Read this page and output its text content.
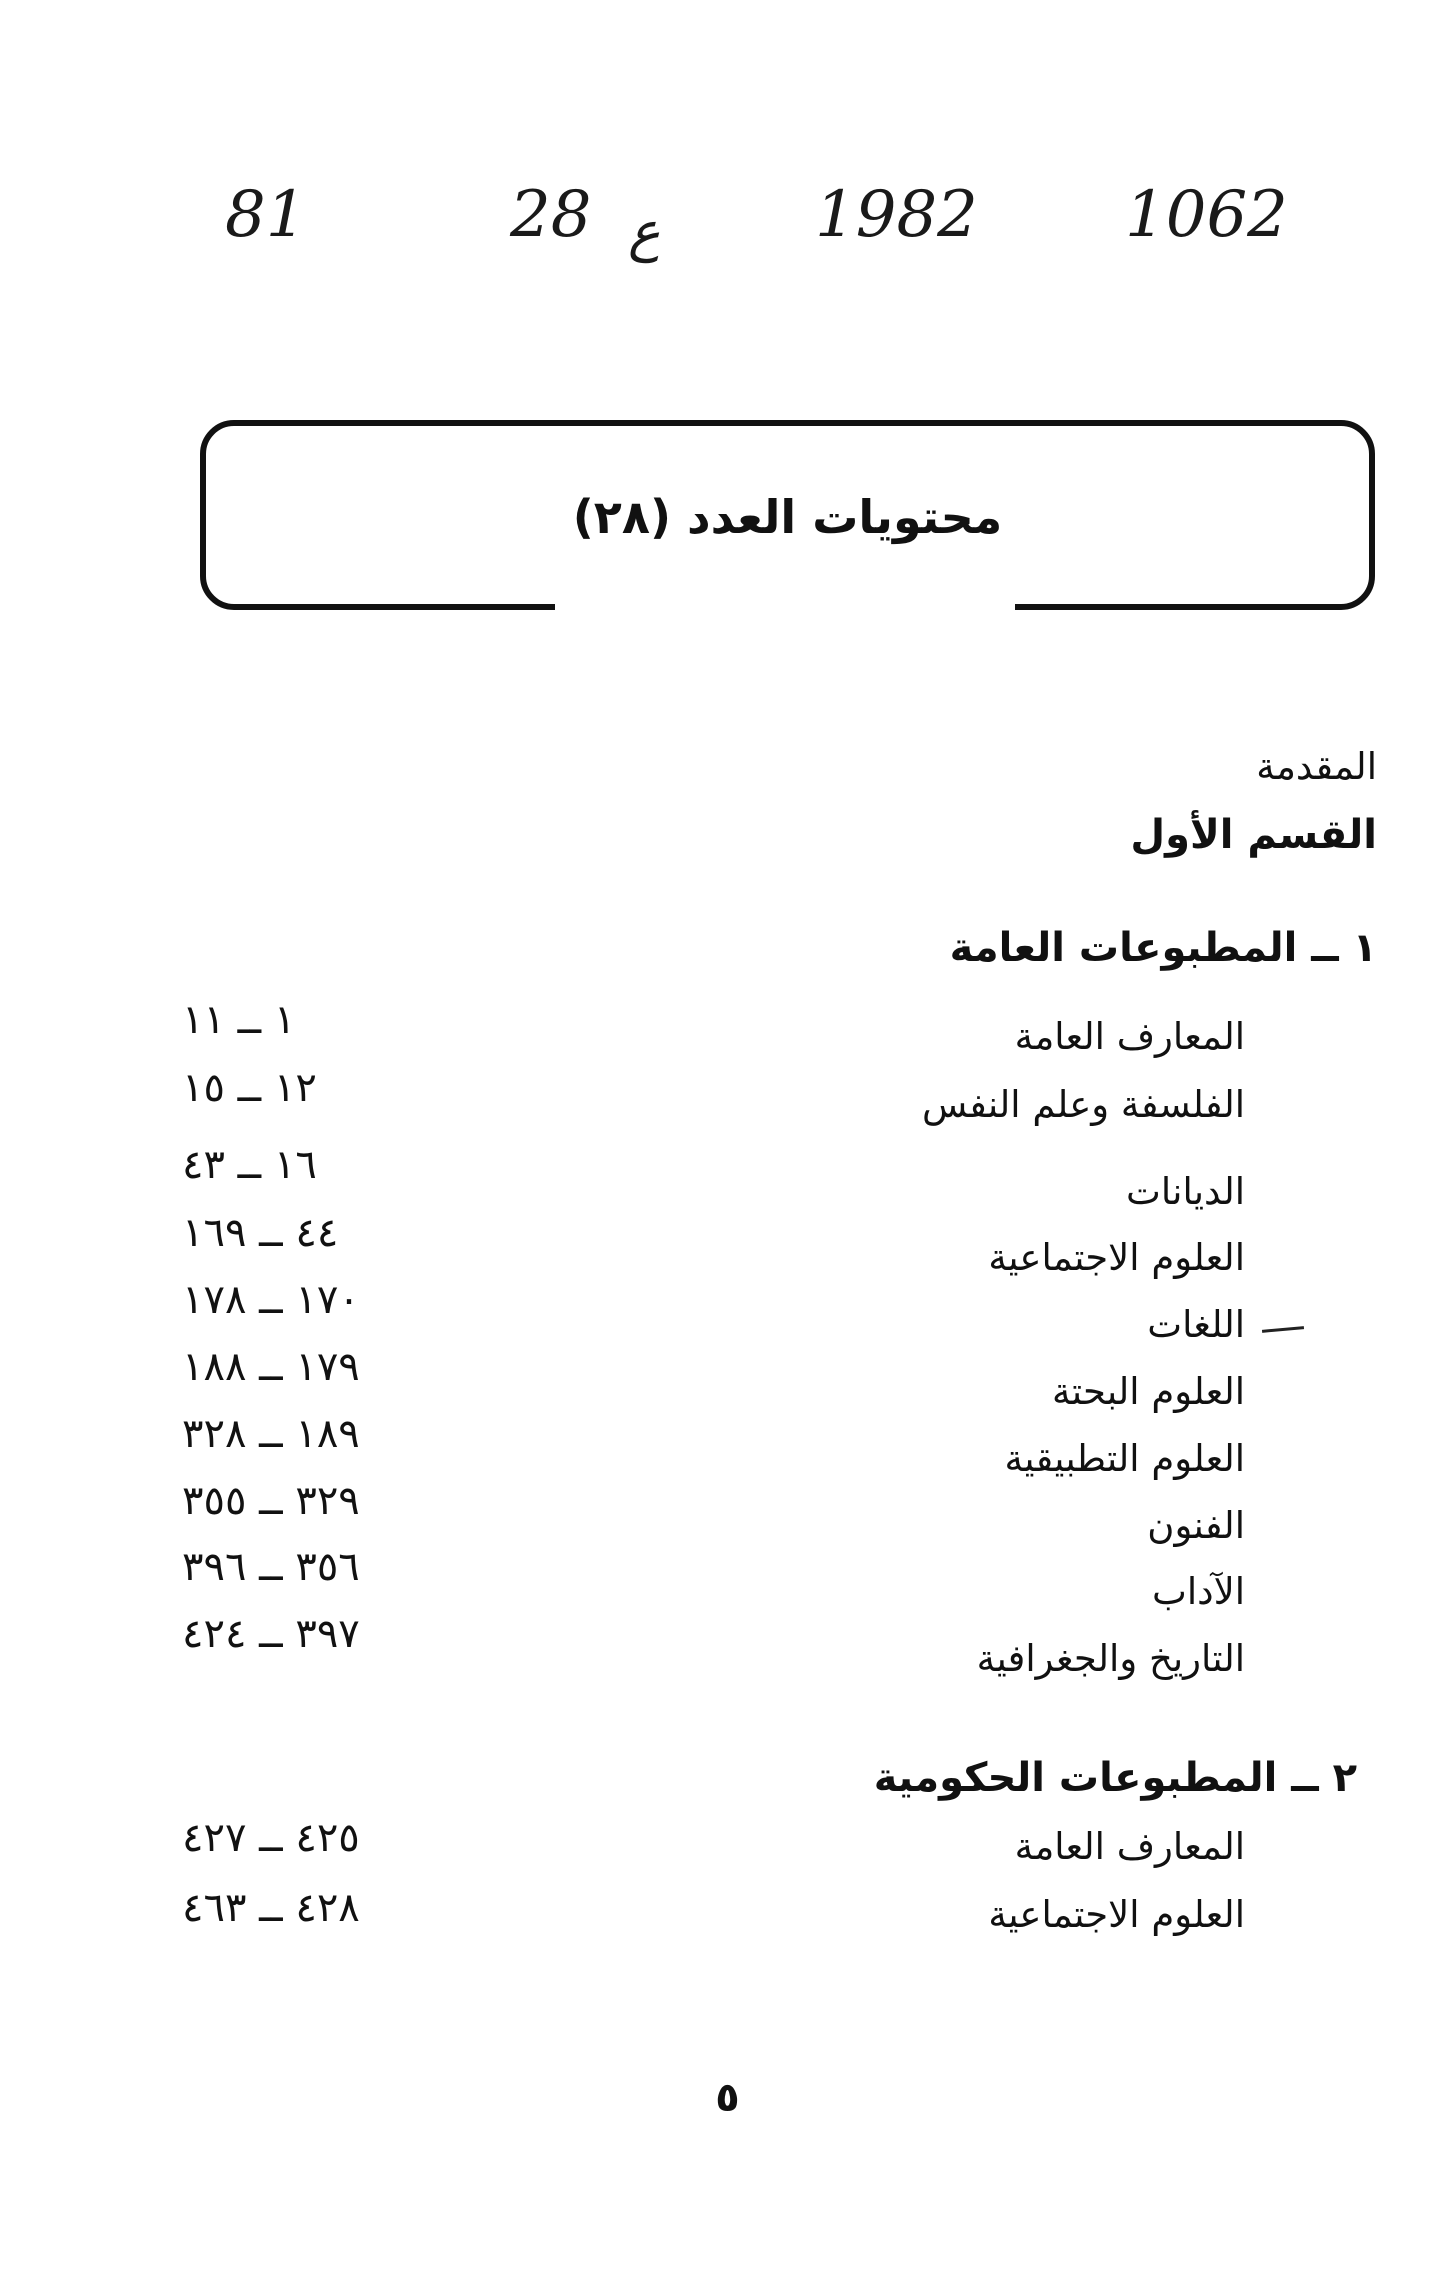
81	28 ع 1982 1062
محتويات العدد (٢٨)
المقدمة
القسم الأول
١ ــ المطبوعات العامة
المعارف العامة
١ ــ ١١
الفلسفة وعلم النفس
١٢ ــ ١٥
الديانات
١٦ ــ ٤٣
العلوم الاجتماعية
٤٤ ــ ١٦٩
اللغات
١٧٠ ــ ١٧٨
العلوم البحتة
١٧٩ ــ ١٨٨
العلوم التطبيقية
١٨٩ ــ ٣٢٨
الفنون
٣٢٩ ــ ٣٥٥
الآداب
٣٥٦ ــ ٣٩٦
التاريخ والجغرافية
٣٩٧ ــ ٤٢٤
٢ ــ المطبوعات الحكومية
المعارف العامة
٤٢٥ ــ ٤٢٧
العلوم الاجتماعية
٤٢٨ ــ ٤٦٣
٥
